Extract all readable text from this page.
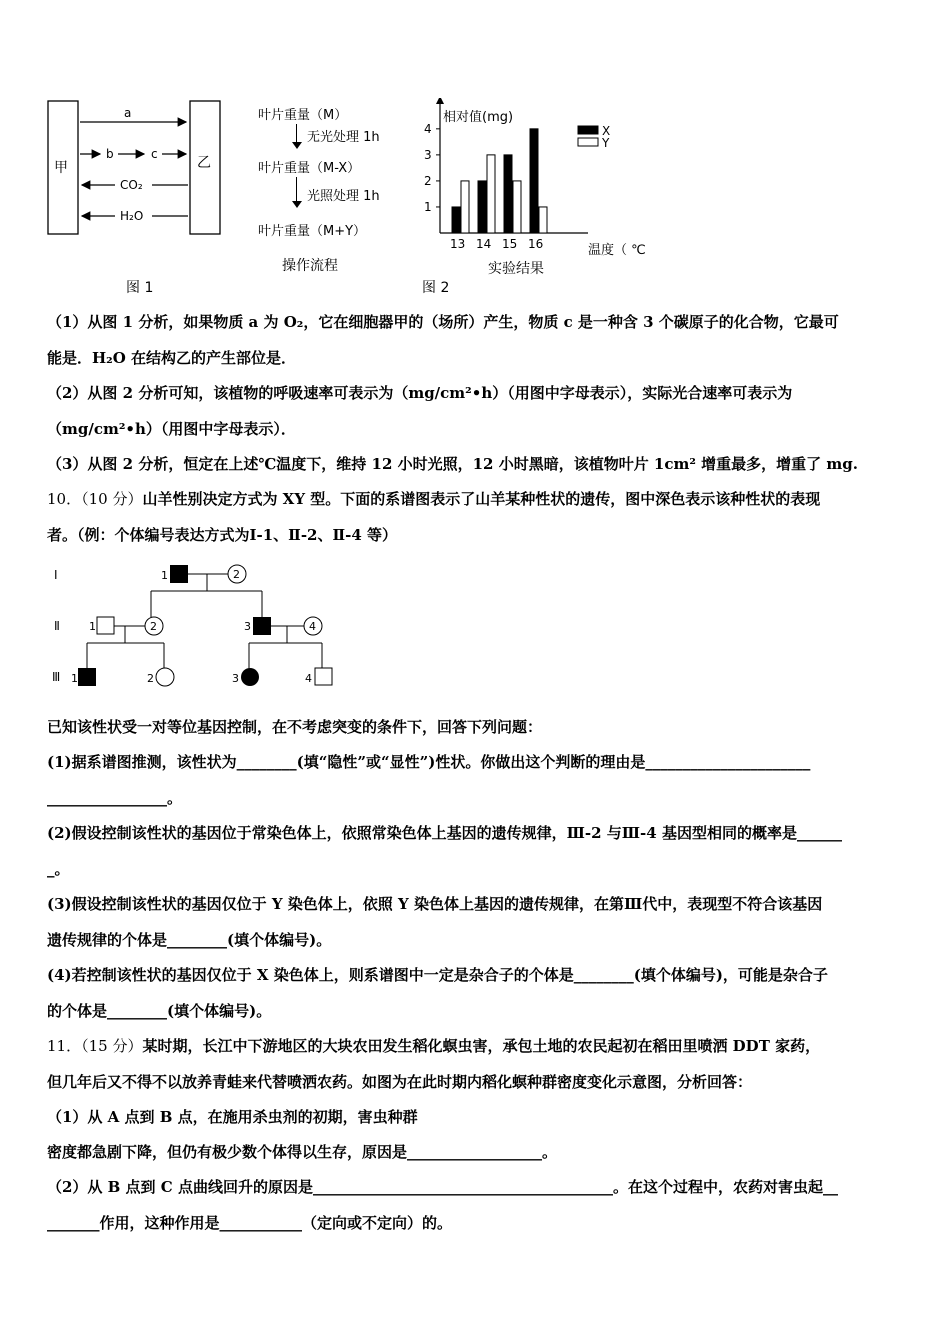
甲	乙
a
b	c
CO₂
H₂O
图 1
叶片重量（M）
无光处理 1h
叶片重量（M-X）
光照处理 1h
叶片重量（M+Y）
操作流程
相对值(mg)
温度（ ℃
1
2
3
4
13 14 15 16
X
Y
图 2
实验结果
（1）从图 1 分析，如果物质 a 为 O₂，它在细胞器甲的（场所）产生，物质 c 是一种含 3 个碳原子的化合物，它最可
能是．H₂O 在结构乙的产生部位是．
（2）从图 2 分析可知，该植物的呼吸速率可表示为（mg/cm²•h）（用图中字母表示），实际光合速率可表示为
（mg/cm²•h）（用图中字母表示）．
（3）从图 2 分析，恒定在上述℃温度下，维持 12 小时光照，12 小时黑暗，该植物叶片 1cm² 增重最多，增重了 mg.
10．（10 分）山羊性别决定方式为 XY 型。下面的系谱图表示了山羊某种性状的遗传，图中深色表示该种性状的表现
者。（例：个体编号表达方式为Ⅰ-1、Ⅱ-2、Ⅱ-4 等）
Ⅰ
Ⅱ
Ⅲ
1	2
1	2	3	4
1	2	3	4
已知该性状受一对等位基因控制，在不考虑突变的条件下，回答下列问题：
(1)据系谱图推测，该性状为________(填“隐性”或“显性”)性状。你做出这个判断的理由是______________________
________________。
(2)假设控制该性状的基因位于常染色体上，依照常染色体上基因的遗传规律，Ⅲ-2 与Ⅲ-4 基因型相同的概率是______
_。
(3)假设控制该性状的基因仅位于 Y 染色体上，依照 Y 染色体上基因的遗传规律，在第Ⅲ代中，表现型不符合该基因
遗传规律的个体是________(填个体编号)。
(4)若控制该性状的基因仅位于 X 染色体上，则系谱图中一定是杂合子的个体是________(填个体编号)，可能是杂合子
的个体是________(填个体编号)。
11．（15 分）某时期，长江中下游地区的大块农田发生稻化螟虫害，承包土地的农民起初在稻田里喷洒 DDT 家药，
但几年后又不得不以放养青蛙来代替喷洒农药。如图为在此时期内稻化螟种群密度变化示意图，分析回答：
（1）从 A 点到 B 点，在施用杀虫剂的初期，害虫种群
密度都急剧下降，但仍有极少数个体得以生存，原因是__________________。
（2）从 B 点到 C 点曲线回升的原因是________________________________________。在这个过程中，农药对害虫起__
_______作用，这种作用是___________（定向或不定向）的。
